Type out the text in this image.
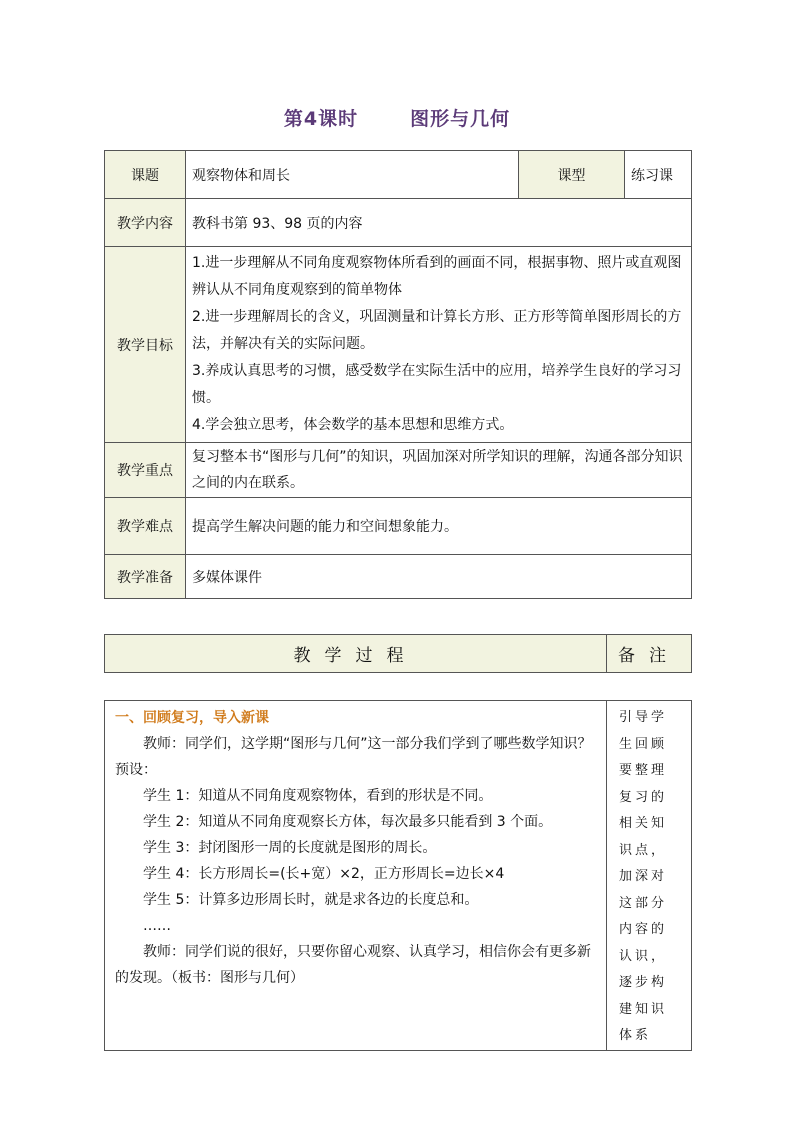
第4课时	图形与几何
课题	观察物体和周长	课型	练习课
教学内容	教科书第 93、98 页的内容		
教学目标	1.进一步理解从不同角度观察物体所看到的画面不同，根据事物、照片或直观图辨认从不同角度观察到的简单物体
2.进一步理解周长的含义，巩固测量和计算长方形、正方形等简单图形周长的方法，并解决有关的实际问题。
3.养成认真思考的习惯，感受数学在实际生活中的应用，培养学生良好的学习习惯。
4.学会独立思考，体会数学的基本思想和思维方式。		

教学重点	复习整本书“图形与几何”的知识，巩固加深对所学知识的理解，沟通各部分知识之间的内在联系。		
教学难点	提高学生解决问题的能力和空间想象能力。		
教学准备	多媒体课件		
教学过程	备注
一、回顾复习，导入新课
教师：同学们，这学期“图形与几何”这一部分我们学到了哪些数学知识？
预设：
学生 1：知道从不同角度观察物体，看到的形状是不同。
学生 2：知道从不同角度观察长方体，每次最多只能看到 3 个面。
学生 3：封闭图形一周的长度就是图形的周长。
学生 4：长方形周长=(长+宽）×2，正方形周长=边长×4
学生 5：计算多边形周长时，就是求各边的长度总和。
……
教师：同学们说的很好，只要你留心观察、认真学习，相信你会有更多新的发现。（板书：图形与几何）
	引导学生回顾要整理复习的相关知识点，加深对这部分内容的认识，逐步构建知识体系
